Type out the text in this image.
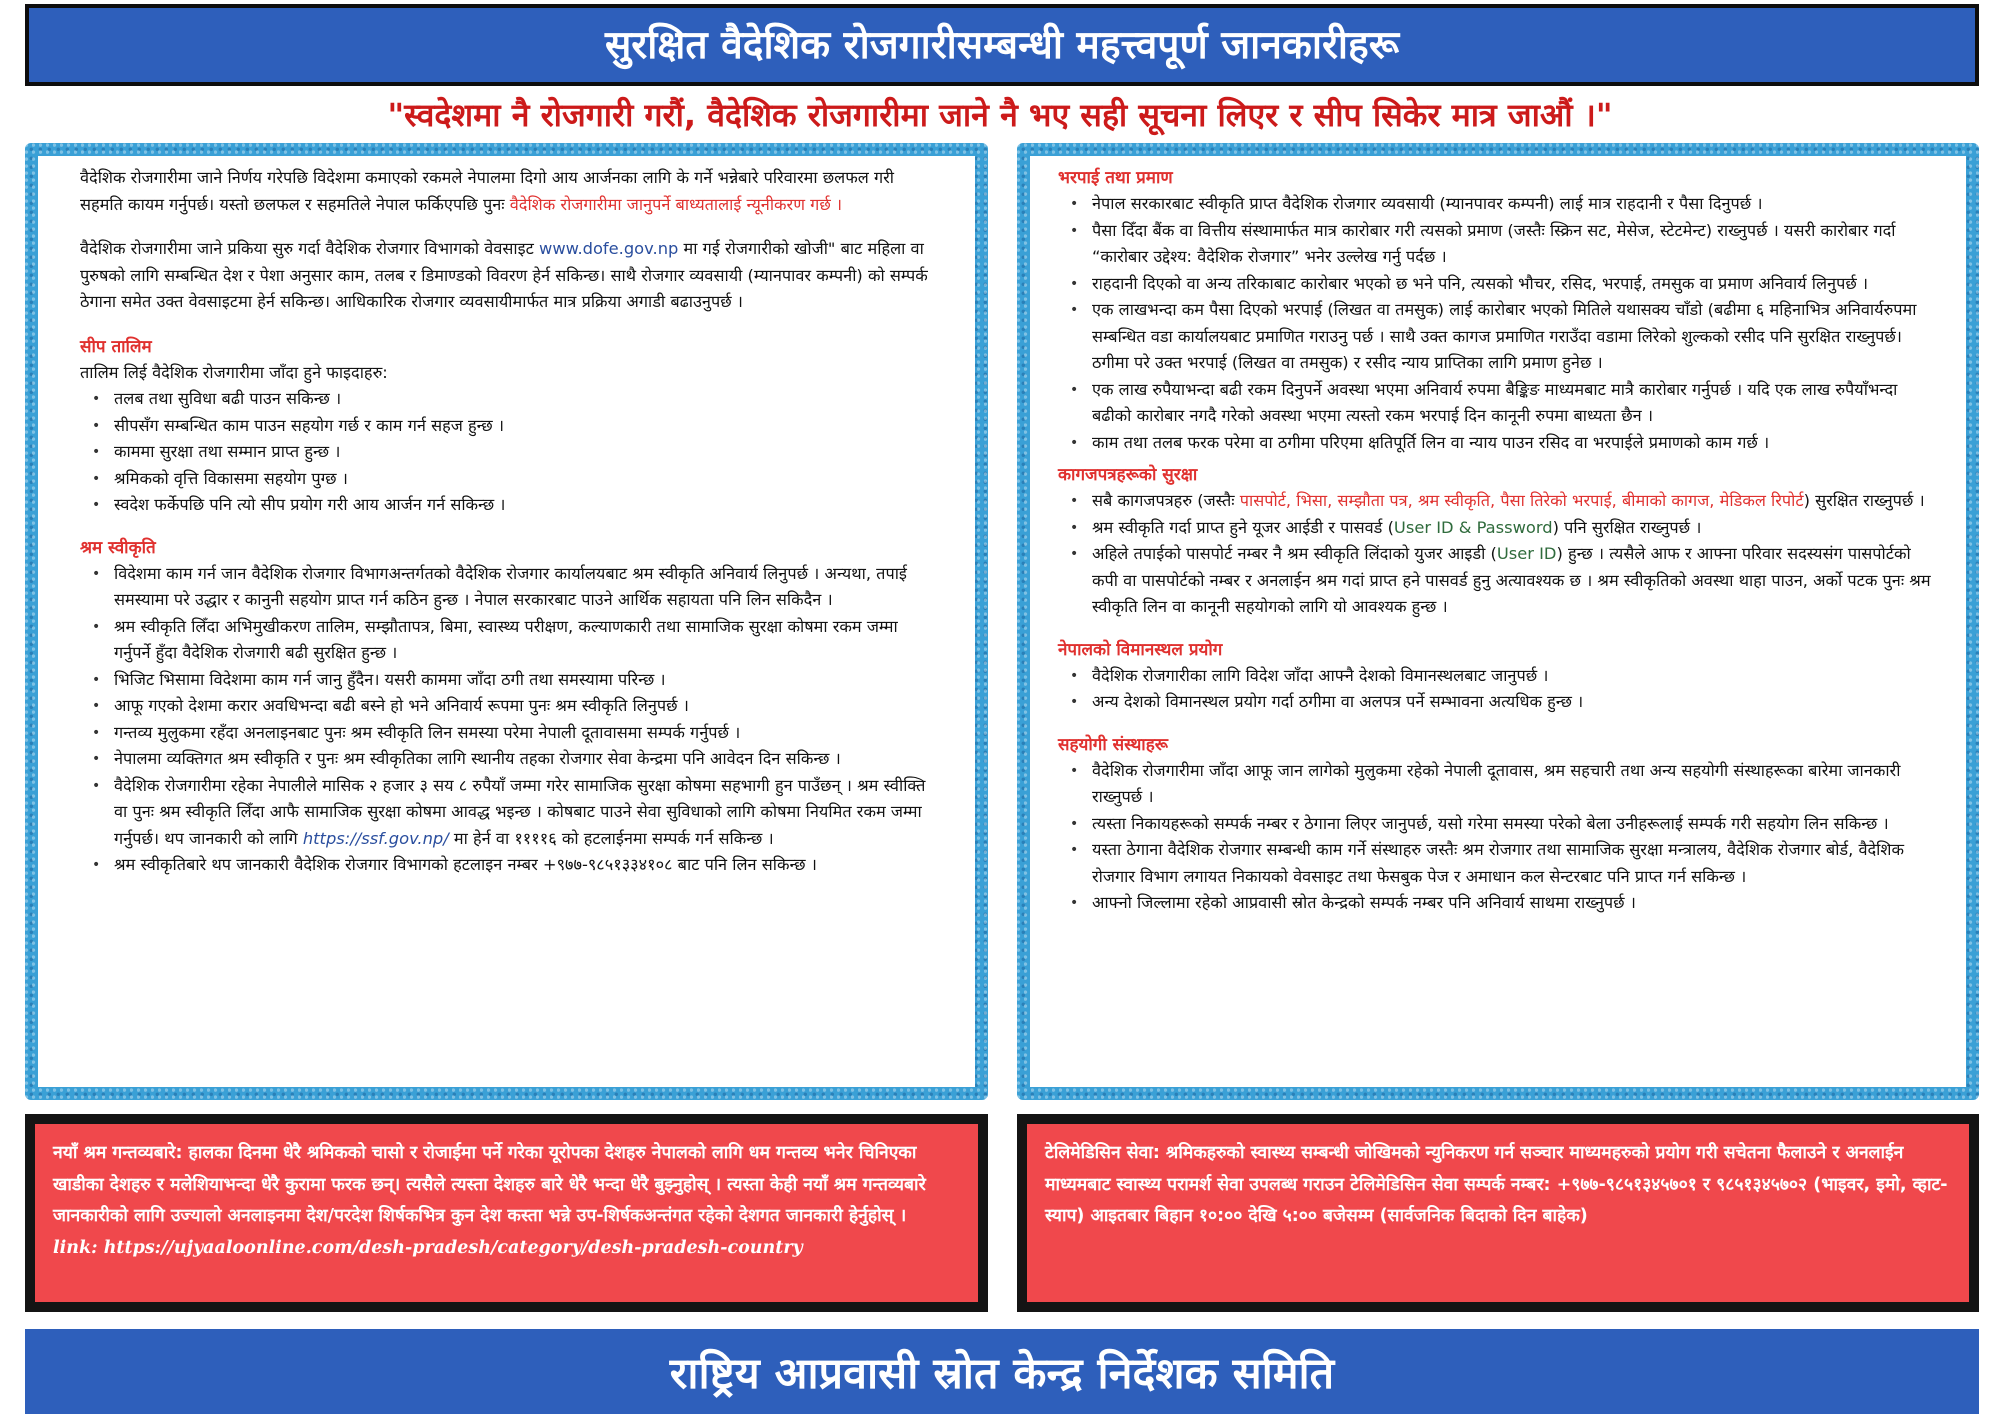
सुरक्षित वैदेशिक रोजगारीसम्बन्धी महत्त्वपूर्ण जानकारीहरू

"स्वदेशमा नै रोजगारी गरौं, वैदेशिक रोजगारीमा जाने नै भए सही सूचना लिएर र सीप सिकेर मात्र जाऔं ।"

वैदेशिक रोजगारीमा जाने निर्णय गरेपछि विदेशमा कमाएको रकमले नेपालमा दिगो आय आर्जनका लागि के गर्ने भन्नेबारे परिवारमा छलफल गरी सहमति कायम गर्नुपर्छ। यस्तो छलफल र सहमतिले नेपाल फर्किएपछि पुनः वैदेशिक रोजगारीमा जानुपर्ने बाध्यतालाई न्यूनीकरण गर्छ ।

वैदेशिक रोजगारीमा जाने प्रकिया सुरु गर्दा वैदेशिक रोजगार विभागको वेवसाइट www.dofe.gov.np मा गई रोजगारीको खोजी" बाट महिला वा पुरुषको लागि सम्बन्धित देश र पेशा अनुसार काम, तलब र डिमाण्डको विवरण हेर्न सकिन्छ। साथै रोजगार व्यवसायी (म्यानपावर कम्पनी) को सम्पर्क ठेगाना समेत उक्त वेवसाइटमा हेर्न सकिन्छ। आधिकारिक रोजगार व्यवसायीमार्फत मात्र प्रक्रिया अगाडी बढाउनुपर्छ ।

सीप तालिम

तालिम लिई वैदेशिक रोजगारीमा जाँदा हुने फाइदाहरु:

• तलब तथा सुविधा बढी पाउन सकिन्छ ।
• सीपसँग सम्बन्धित काम पाउन सहयोग गर्छ र काम गर्न सहज हुन्छ ।
• काममा सुरक्षा तथा सम्मान प्राप्त हुन्छ ।
• श्रमिकको वृत्ति विकासमा सहयोग पुग्छ ।
• स्वदेश फर्केपछि पनि त्यो सीप प्रयोग गरी आय आर्जन गर्न सकिन्छ ।

श्रम स्वीकृति

• विदेशमा काम गर्न जान वैदेशिक रोजगार विभागअन्तर्गतको वैदेशिक रोजगार कार्यालयबाट श्रम स्वीकृति अनिवार्य लिनुपर्छ । अन्यथा, तपाई समस्यामा परे उद्धार र कानुनी सहयोग प्राप्त गर्न कठिन हुन्छ । नेपाल सरकारबाट पाउने आर्थिक सहायता पनि लिन सकिदैन ।
• श्रम स्वीकृति लिँदा अभिमुखीकरण तालिम, सम्झौतापत्र, बिमा, स्वास्थ्य परीक्षण, कल्याणकारी तथा सामाजिक सुरक्षा कोषमा रकम जम्मा गर्नुपर्ने हुँदा वैदेशिक रोजगारी बढी सुरक्षित हुन्छ ।
• भिजिट भिसामा विदेशमा काम गर्न जानु हुँदैन। यसरी काममा जाँदा ठगी तथा समस्यामा परिन्छ ।
• आफू गएको देशमा करार अवधिभन्दा बढी बस्ने हो भने अनिवार्य रूपमा पुनः श्रम स्वीकृति लिनुपर्छ ।
• गन्तव्य मुलुकमा रहँदा अनलाइनबाट पुनः श्रम स्वीकृति लिन समस्या परेमा नेपाली दूतावासमा सम्पर्क गर्नुपर्छ ।
• नेपालमा व्यक्तिगत श्रम स्वीकृति र पुनः श्रम स्वीकृतिका लागि स्थानीय तहका रोजगार सेवा केन्द्रमा पनि आवेदन दिन सकिन्छ ।
• वैदेशिक रोजगारीमा रहेका नेपालीले मासिक २ हजार ३ सय ८ रुपैयाँ जम्मा गरेर सामाजिक सुरक्षा कोषमा सहभागी हुन पाउँछन् । श्रम स्वीक्ति वा पुनः श्रम स्वीकृति लिँदा आफै सामाजिक सुरक्षा कोषमा आवद्ध भइन्छ । कोषबाट पाउने सेवा सुविधाको लागि कोषमा नियमित रकम जम्मा गर्नुपर्छ। थप जानकारी को लागि https://ssf.gov.np/ मा हेर्न वा ११११६ को हटलाईनमा सम्पर्क गर्न सकिन्छ ।
• श्रम स्वीकृतिबारे थप जानकारी वैदेशिक रोजगार विभागको हटलाइन नम्बर +९७७-९८५१३३४१०८ बाट पनि लिन सकिन्छ ।

भरपाई तथा प्रमाण

• नेपाल सरकारबाट स्वीकृति प्राप्त वैदेशिक रोजगार व्यवसायी (म्यानपावर कम्पनी) लाई मात्र राहदानी र पैसा दिनुपर्छ ।
• पैसा दिँदा बैंक वा वित्तीय संस्थामार्फत मात्र कारोबार गरी त्यसको प्रमाण (जस्तैः स्क्रिन सट, मेसेज, स्टेटमेन्ट) राख्नुपर्छ । यसरी कारोबार गर्दा “कारोबार उद्देश्य: वैदेशिक रोजगार” भनेर उल्लेख गर्नु पर्दछ ।
• राहदानी दिएको वा अन्य तरिकाबाट कारोबार भएको छ भने पनि, त्यसको भौचर, रसिद, भरपाई, तमसुक वा प्रमाण अनिवार्य लिनुपर्छ ।
• एक लाखभन्दा कम पैसा दिएको भरपाई (लिखत वा तमसुक) लाई कारोबार भएको मितिले यथासक्य चाँडो (बढीमा ६ महिनाभित्र अनिवार्यरुपमा सम्बन्धित वडा कार्यालयबाट प्रमाणित गराउनु पर्छ । साथै उक्त कागज प्रमाणित गराउँदा वडामा लिरेको शुल्कको रसीद पनि सुरक्षित राख्नुपर्छ। ठगीमा परे उक्त भरपाई (लिखत वा तमसुक) र रसीद न्याय प्राप्तिका लागि प्रमाण हुनेछ ।
• एक लाख रुपैयाभन्दा बढी रकम दिनुपर्ने अवस्था भएमा अनिवार्य रुपमा बैङ्किङ माध्यमबाट मात्रै कारोबार गर्नुपर्छ । यदि एक लाख रुपैयाँभन्दा बढीको कारोबार नगदै गरेको अवस्था भएमा त्यस्तो रकम भरपाई दिन कानूनी रुपमा बाध्यता छैन ।
• काम तथा तलब फरक परेमा वा ठगीमा परिएमा क्षतिपूर्ति लिन वा न्याय पाउन रसिद वा भरपाईले प्रमाणको काम गर्छ ।

कागजपत्रहरूको सुरक्षा

• सबै कागजपत्रहरु (जस्तैः पासपोर्ट, भिसा, सम्झौता पत्र, श्रम स्वीकृति, पैसा तिरेको भरपाई, बीमाको कागज, मेडिकल रिपोर्ट) सुरक्षित राख्नुपर्छ ।
• श्रम स्वीकृति गर्दा प्राप्त हुने यूजर आईडी र पासवर्ड (User ID & Password) पनि सुरक्षित राख्नुपर्छ ।
• अहिले तपाईको पासपोर्ट नम्बर नै श्रम स्वीकृति लिंदाको युजर आइडी (User ID) हुन्छ । त्यसैले आफ र आफ्ना परिवार सदस्यसंग पासपोर्टको कपी वा पासपोर्टको नम्बर र अनलाईन श्रम गदां प्राप्त हने पासवर्ड हुनु अत्यावश्यक छ । श्रम स्वीकृतिको अवस्था थाहा पाउन, अर्को पटक पुनः श्रम स्वीकृति लिन वा कानूनी सहयोगको लागि यो आवश्यक हुन्छ ।

नेपालको विमानस्थल प्रयोग

• वैदेशिक रोजगारीका लागि विदेश जाँदा आफ्नै देशको विमानस्थलबाट जानुपर्छ ।
• अन्य देशको विमानस्थल प्रयोग गर्दा ठगीमा वा अलपत्र पर्ने सम्भावना अत्यधिक हुन्छ ।

सहयोगी संस्थाहरू

• वैदेशिक रोजगारीमा जाँदा आफू जान लागेको मुलुकमा रहेको नेपाली दूतावास, श्रम सहचारी तथा अन्य सहयोगी संस्थाहरूका बारेमा जानकारी राख्नुपर्छ ।
• त्यस्ता निकायहरूको सम्पर्क नम्बर र ठेगाना लिएर जानुपर्छ, यसो गरेमा समस्या परेको बेला उनीहरूलाई सम्पर्क गरी सहयोग लिन सकिन्छ ।
• यस्ता ठेगाना वैदेशिक रोजगार सम्बन्धी काम गर्ने संस्थाहरु जस्तैः श्रम रोजगार तथा सामाजिक सुरक्षा मन्त्रालय, वैदेशिक रोजगार बोर्ड, वैदेशिक रोजगार विभाग लगायत निकायको वेवसाइट तथा फेसबुक पेज र अमाधान कल सेन्टरबाट पनि प्राप्त गर्न सकिन्छ ।
• आफ्नो जिल्लामा रहेको आप्रवासी स्रोत केन्द्रको सम्पर्क नम्बर पनि अनिवार्य साथमा राख्नुपर्छ ।
नयाँ श्रम गन्तव्यबारे: हालका दिनमा धेरै श्रमिकको चासो र रोजाईमा पर्ने गरेका यूरोपका देशहरु नेपालको लागि धम गन्तव्य भनेर चिनिएका खाडीका देशहरु र मलेशियाभन्दा धेरै कुरामा फरक छन्। त्यसैले त्यस्ता देशहरु बारे धेरै भन्दा धेरै बुझ्नुहोस् । त्यस्ता केही नयाँ श्रम गन्तव्यबारे जानकारीको लागि उज्यालो अनलाइनमा देश/परदेश शिर्षकभित्र कुन देश कस्ता भन्ने उप-शिर्षकअन्तंगत रहेको देशगत जानकारी हेर्नुहोस् ।
link: https://ujyaaloonline.com/desh-pradesh/category/desh-pradesh-country
टेलिमेडिसिन सेवा: श्रमिकहरुको स्वास्थ्य सम्बन्धी जोखिमको न्युनिकरण गर्न सञ्चार माध्यमहरुको प्रयोग गरी सचेतना फैलाउने र अनलाईन माध्यमबाट स्वास्थ्य परामर्श सेवा उपलब्ध गराउन टेलिमेडिसिन सेवा सम्पर्क नम्बर: +९७७-९८५१३४५७०१ र ९८५१३४५७०२ (भाइवर, इमो, व्हाट-स्याप) आइतबार बिहान १०:०० देखि ५:०० बजेसम्म (सार्वजनिक बिदाको दिन बाहेक)
राष्ट्रिय आप्रवासी स्रोत केन्द्र निर्देशक समिति
